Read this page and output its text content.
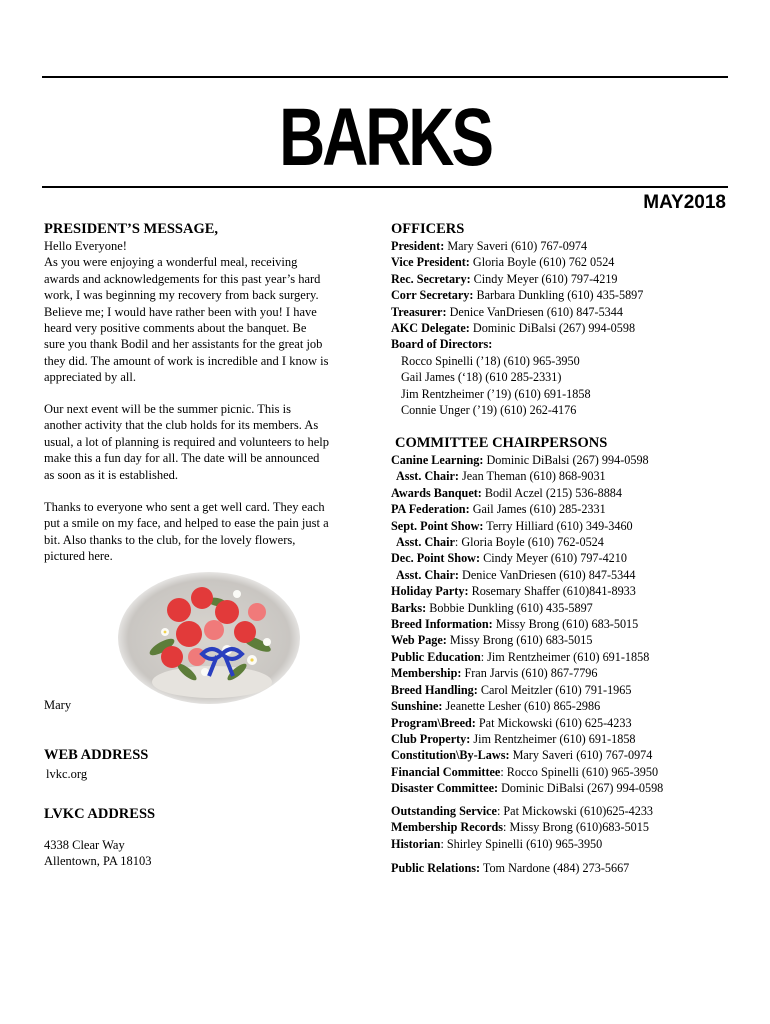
BARKS
MAY2018
PRESIDENT’S MESSAGE,
Hello Everyone!
As you were enjoying a wonderful meal, receiving
awards and acknowledgements for this past year’s hard
work, I was beginning my recovery from back surgery.
Believe me; I would have rather been with you! I have
heard very positive comments about the banquet. Be
sure you thank Bodil and her assistants for the great job
they did. The amount of work is incredible and I know is
appreciated by all.
Our next event will be the summer picnic. This is
another activity that the club holds for its members. As
usual, a lot of planning is required and volunteers to help
make this a fun day for all. The date will be announced
as soon as it is established.
Thanks to everyone who sent a get well card. They each
put a smile on my face, and helped to ease the pain just a
bit. Also thanks to the club, for the lovely flowers,
pictured here.
Mary
WEB ADDRESS
lvkc.org
LVKC ADDRESS
4338 Clear Way
Allentown, PA 18103
OFFICERS
President: Mary Saveri (610) 767-0974
Vice President: Gloria Boyle (610) 762 0524
Rec. Secretary: Cindy Meyer (610) 797-4219
Corr Secretary: Barbara Dunkling (610) 435-5897
Treasurer: Denice VanDriesen (610) 847-5344
AKC Delegate: Dominic DiBalsi (267) 994-0598
Board of Directors:
Rocco Spinelli (’18) (610) 965-3950
Gail James (‘18) (610 285-2331)
Jim Rentzheimer (’19) (610) 691-1858
Connie Unger (’19) (610) 262-4176
COMMITTEE CHAIRPERSONS
Canine Learning: Dominic DiBalsi (267) 994-0598
Asst. Chair: Jean Theman (610) 868-9031
Awards Banquet: Bodil Aczel (215) 536-8884
PA Federation: Gail James (610) 285-2331
Sept. Point Show: Terry Hilliard (610) 349-3460
Asst. Chair: Gloria Boyle (610) 762-0524
Dec. Point Show: Cindy Meyer (610) 797-4210
Asst. Chair: Denice VanDriesen (610) 847-5344
Holiday Party: Rosemary Shaffer (610)841-8933
Barks: Bobbie Dunkling (610) 435-5897
Breed Information: Missy Brong (610) 683-5015
Web Page: Missy Brong (610) 683-5015
Public Education: Jim Rentzheimer (610) 691-1858
Membership: Fran Jarvis (610) 867-7796
Breed Handling: Carol Meitzler (610) 791-1965
Sunshine: Jeanette Lesher (610) 865-2986
Program\Breed: Pat Mickowski (610) 625-4233
Club Property: Jim Rentzheimer (610) 691-1858
Constitution\By-Laws: Mary Saveri (610) 767-0974
Financial Committee: Rocco Spinelli (610) 965-3950
Disaster Committee: Dominic DiBalsi (267) 994-0598
Outstanding Service: Pat Mickowski (610)625-4233
Membership Records: Missy Brong (610)683-5015
Historian: Shirley Spinelli (610) 965-3950
Public Relations: Tom Nardone (484) 273-5667
